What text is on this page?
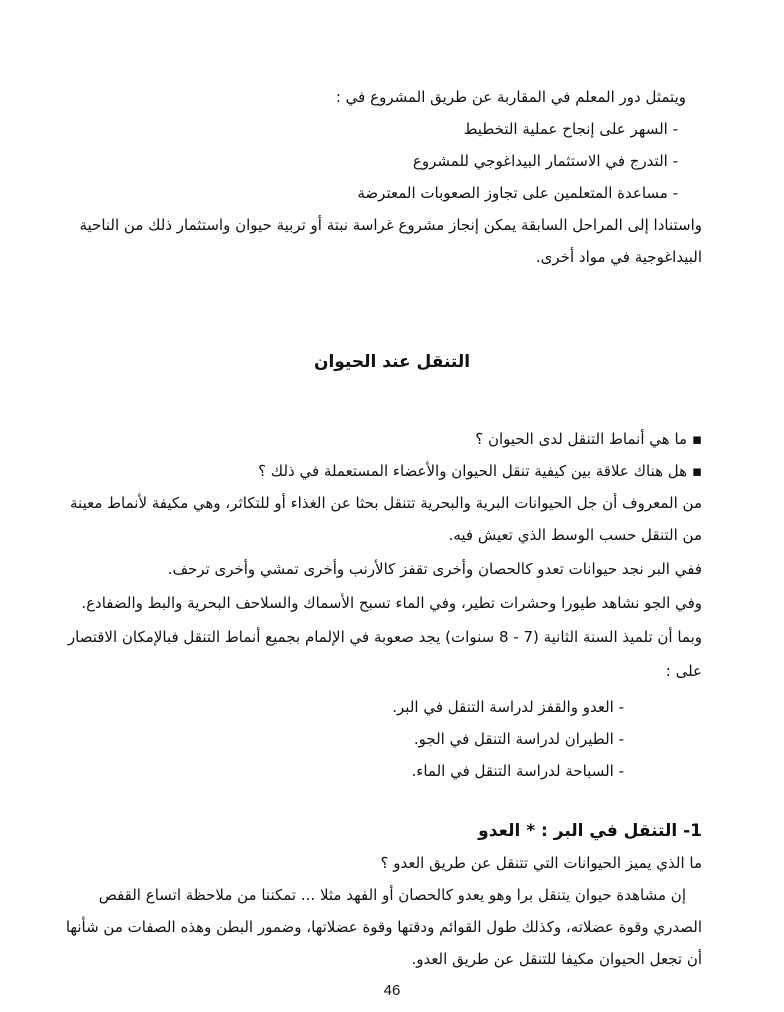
ويتمثل دور المعلم في المقاربة عن طريق المشروع في :
- السهر على إنجاح عملية التخطيط
- التدرج في الاستثمار البيداغوجي للمشروع
- مساعدة المتعلمين على تجاوز الصعوبات المعترضة
واستنادا إلى المراحل السابقة يمكن إنجاز مشروع غراسة نبتة أو تربية حيوان واستثمار ذلك من الناحية
البيداغوجية في مواد أخرى.
التنقل عند الحيوان
▪ ما هي أنماط التنقل لدى الحيوان ؟
▪ هل هناك علاقة بين كيفية تنقل الحيوان والأعضاء المستعملة في ذلك ؟
من المعروف أن جل الحيوانات البرية والبحرية تتنقل بحثا عن الغذاء أو للتكاثر، وهي مكيفة لأنماط معينة
من التنقل حسب الوسط الذي تعيش فيه.
ففي البر نجد حيوانات تعدو كالحصان وأخرى تقفز كالأرنب وأخرى تمشي وأخرى ترحف.
وفي الجو نشاهد طيورا وحشرات تطير، وفي الماء تسبح الأسماك والسلاحف البحرية والبط والضفادع.
وبما أن تلميذ السنة الثانية (7 - 8 سنوات) يجد صعوبة في الإلمام بجميع أنماط التنقل فبالإمكان الاقتصار
على :
- العدو والقفز لدراسة التنقل في البر.
- الطيران لدراسة التنقل في الجو.
- السباحة لدراسة التنقل في الماء.
1- التنقل في البر : * العدو
ما الذي يميز الحيوانات التي تتنقل عن طريق العدو ؟
إن مشاهدة حيوان يتنقل برا وهو يعدو كالحصان أو الفهد مثلا ... تمكننا من ملاحظة اتساع القفص
الصدري وقوة عضلاته، وكذلك طول القوائم ودقتها وقوة عضلاتها، وضمور البطن وهذه الصفات من شأنها
أن تجعل الحيوان مكيفا للتنقل عن طريق العدو.
46
